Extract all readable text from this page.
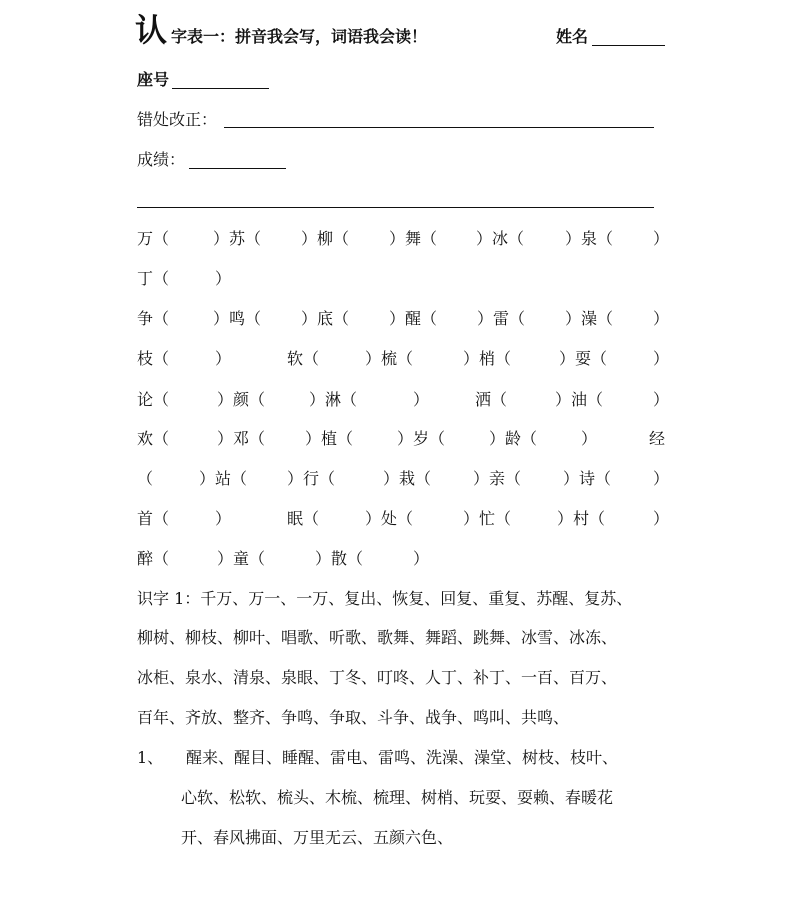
认 字表一：拼音我会写，词语我会读！	姓名
座号
错处改正：
成绩：
万（	）苏（ ）柳（ ）舞（ ）冰（	）泉（ ）
丁（	）
争（	）鸣（ ）底（ ）醒（ ）雷（ ）澡（ ）
枝（	）	软（	）梳（	）梢（	）耍（	）
论（	）颜（	）淋（	）	洒（	）油（	）
欢（	）邓（ ）植（	）岁（	）龄（	）	经
（	）站（ ）行（	）栽（	）亲（	）诗（	）
首（	）	眠（	）处（	）忙（	）村（	）
醉（	）童（	）散（	）
识字 1：千万、万一、一万、复出、恢复、回复、重复、苏醒、复苏、
柳树、柳枝、柳叶、唱歌、听歌、歌舞、舞蹈、跳舞、冰雪、冰冻、
冰柜、泉水、清泉、泉眼、丁冬、叮咚、人丁、补丁、一百、百万、
百年、齐放、整齐、争鸣、争取、斗争、战争、鸣叫、共鸣、
1、 醒来、醒目、睡醒、雷电、雷鸣、洗澡、澡堂、树枝、枝叶、
心软、松软、梳头、木梳、梳理、树梢、玩耍、耍赖、春暖花
开、春风拂面、万里无云、五颜六色、
